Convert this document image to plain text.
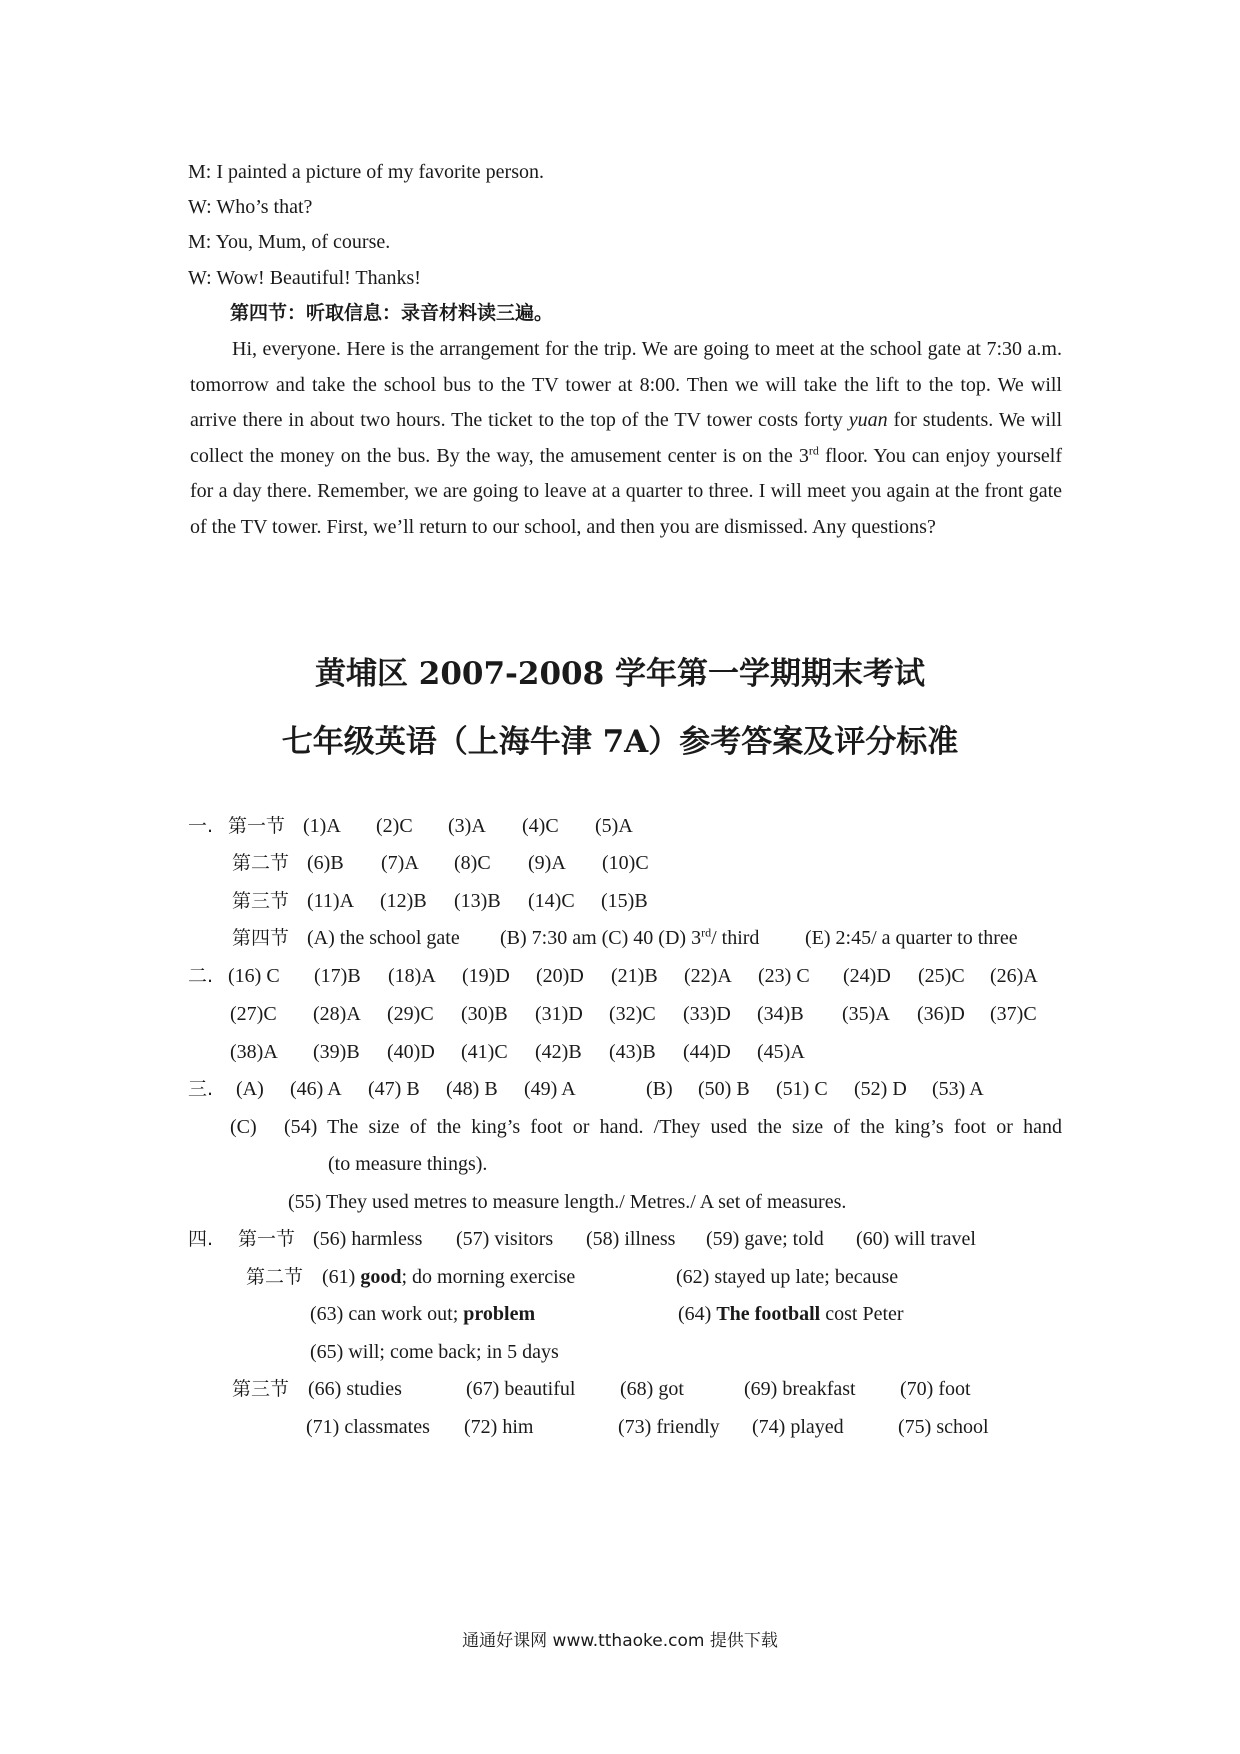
M: I painted a picture of my favorite person.
W: Who’s that?
M: You, Mum, of course.
W: Wow! Beautiful! Thanks!
第四节：听取信息：录音材料读三遍。
Hi, everyone. Here is the arrangement for the trip. We are going to meet at the school gate at 7:30 a.m. tomorrow and take the school bus to the TV tower at 8:00. Then we will take the lift to the top. We will arrive there in about two hours. The ticket to the top of the TV tower costs forty yuan for students. We will collect the money on the bus. By the way, the amusement center is on the 3rd floor. You can enjoy yourself for a day there. Remember, we are going to leave at a quarter to three. I will meet you again at the front gate of the TV tower. First, we’ll return to our school, and then you are dismissed. Any questions?
黄埔区 2007-2008 学年第一学期期末考试
七年级英语（上海牛津 7A）参考答案及评分标准
一. 第一节 (1)A (2)C (3)A (4)C (5)A
第二节 (6)B (7)A (8)C (9)A (10)C
第三节 (11)A (12)B (13)B (14)C (15)B
第四节 (A) the school gate (B) 7:30 am (C) 40 (D) 3rd/ third (E) 2:45/ a quarter to three
二. (16) C (17)B (18)A (19)D (20)D (21)B (22)A (23) C (24)D (25)C (26)A
(27)C (28)A (29)C (30)B (31)D (32)C (33)D (34)B (35)A (36)D (37)C
(38)A (39)B (40)D (41)C (42)B (43)B (44)D (45)A
三. (A) (46) A (47) B (48) B (49) A	(B) (50) B (51) C (52) D (53) A
(C) (54) The size of the king’s foot or hand. /They used the size of the king’s foot or hand
(to measure things).
(55) They used metres to measure length./ Metres./ A set of measures.
四. 第一节 (56) harmless (57) visitors (58) illness (59) gave; told (60) will travel
第二节 (61) good; do morning exercise	(62) stayed up late; because
(63) can work out; problem	(64) The football cost Peter
(65) will; come back; in 5 days
第三节 (66) studies	(67) beautiful (68) got	(69) breakfast (70) foot
(71) classmates (72) him	(73) friendly (74) played	(75) school
通通好课网 www.tthaoke.com 提供下载
